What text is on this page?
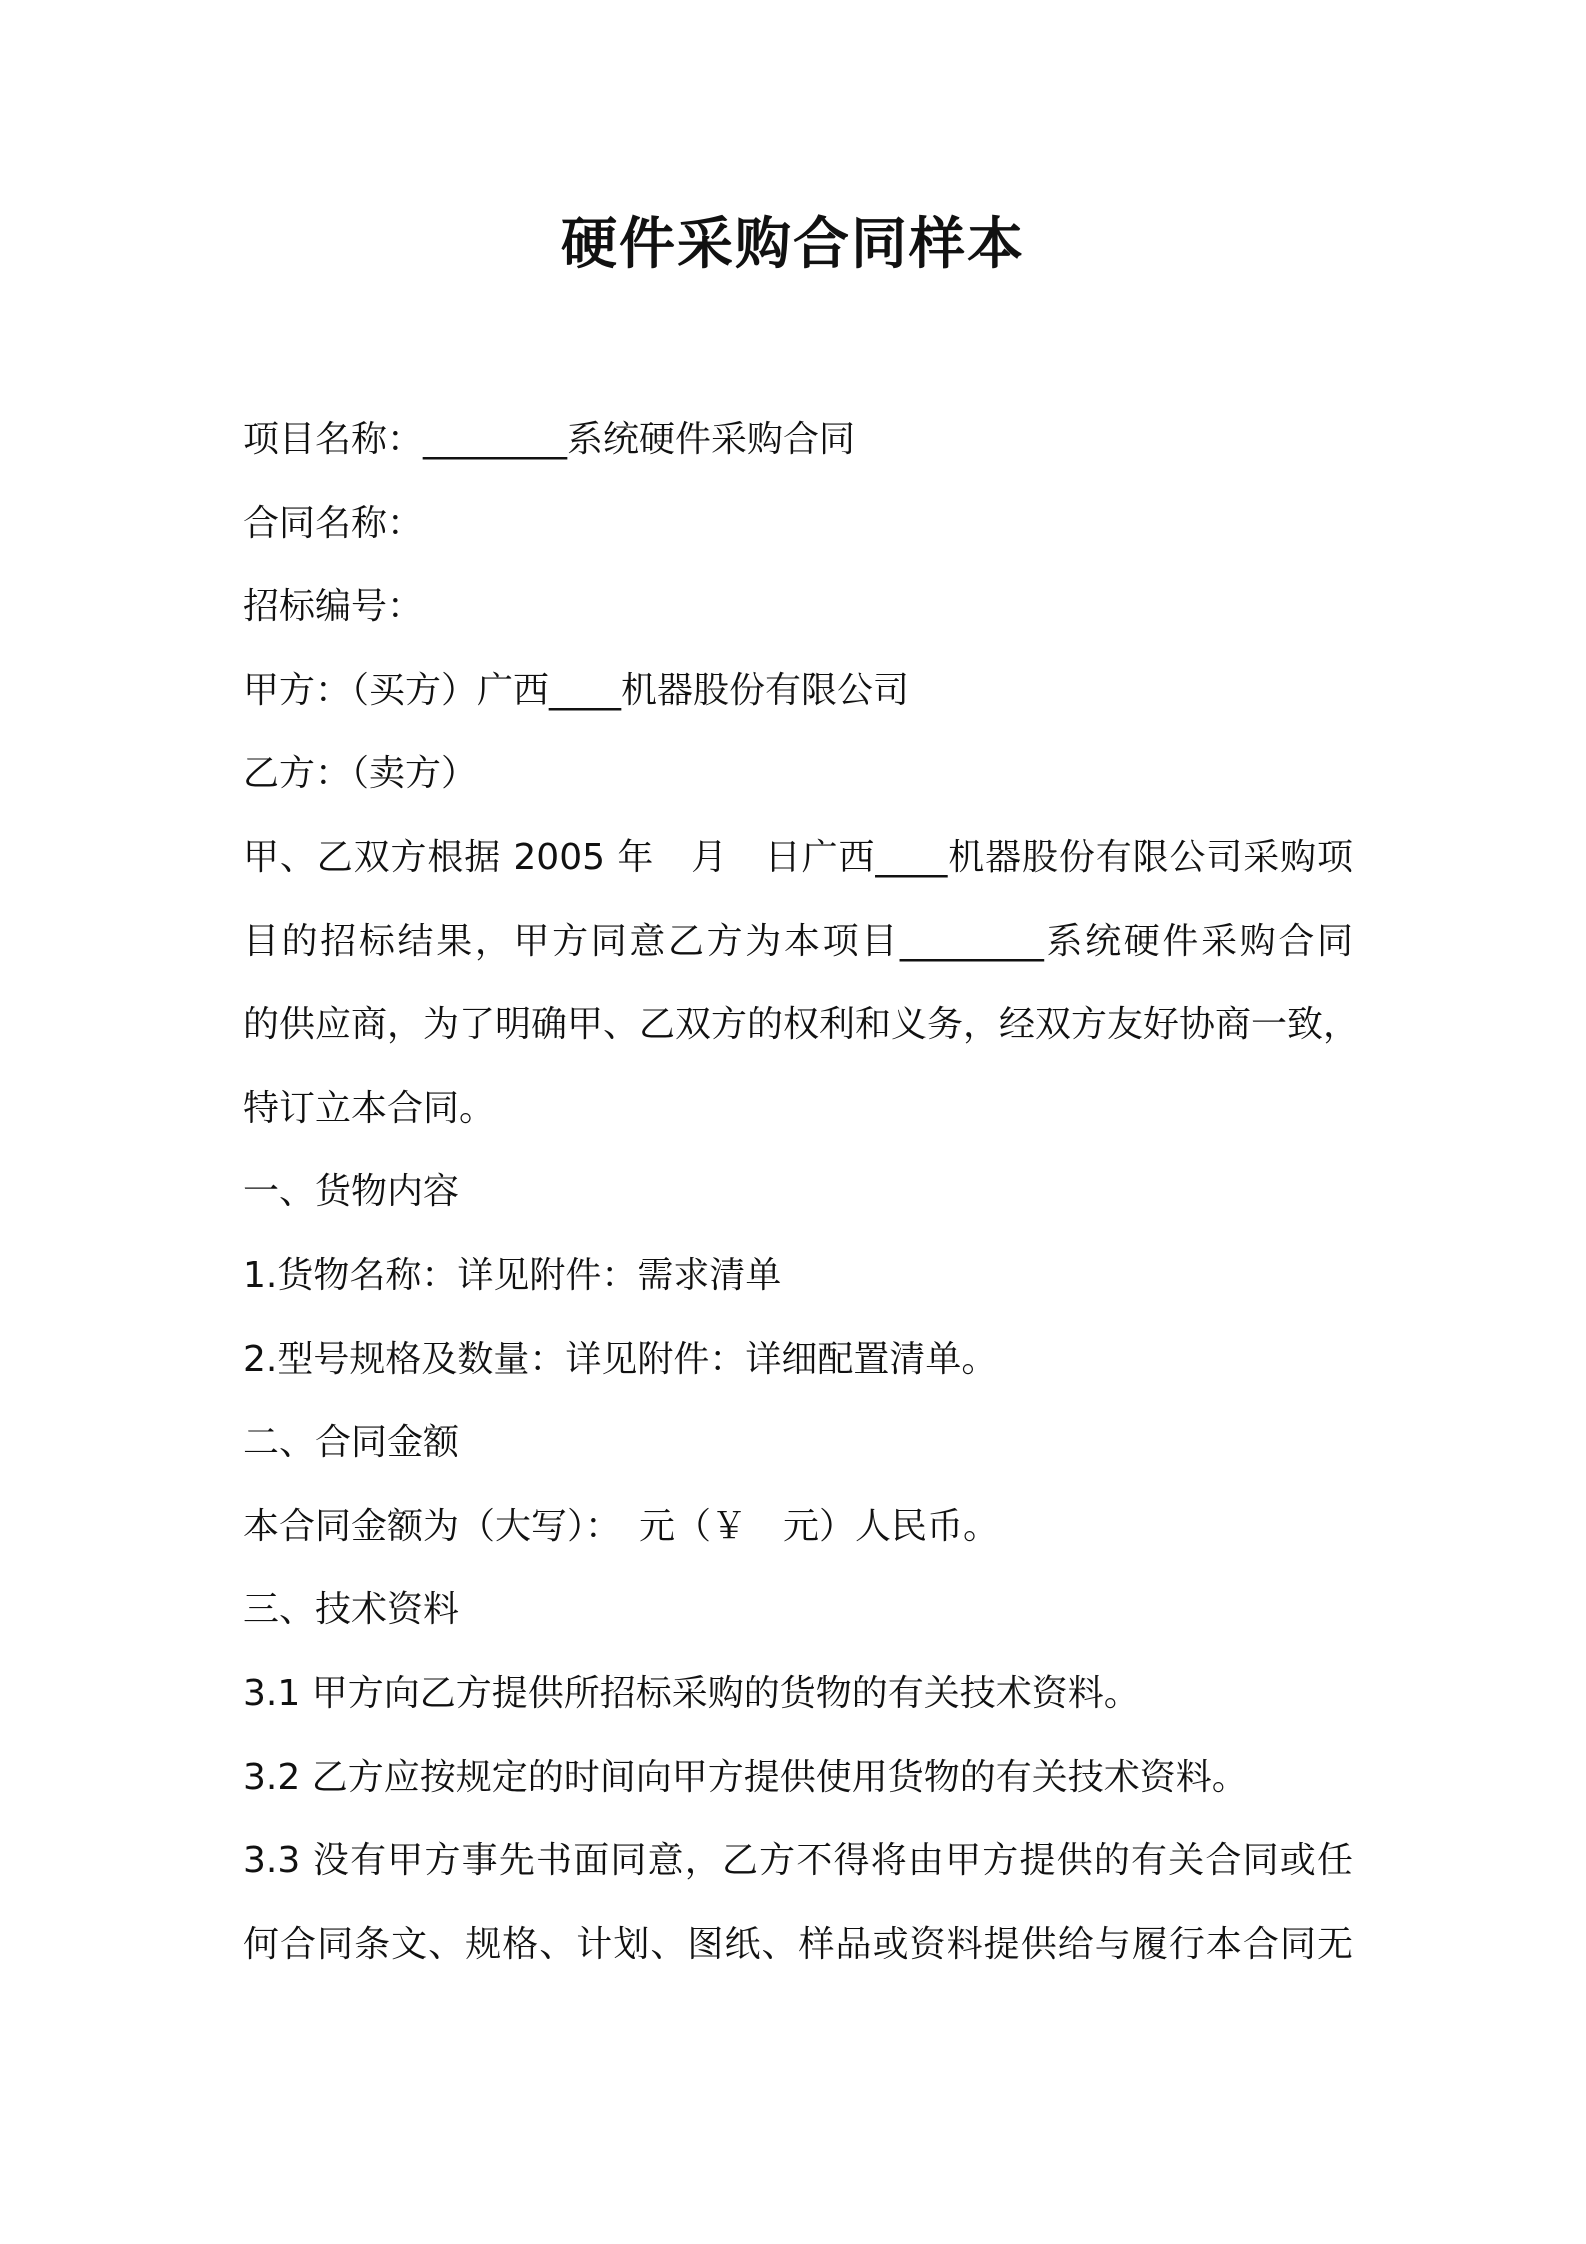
硬件采购合同样本

项目名称：________系统硬件采购合同

合同名称：

招标编号：

甲方：（买方）广西____机器股份有限公司

乙方：（卖方）

甲、乙双方根据 2005 年　月　日广西____机器股份有限公司采购项

目的招标结果，甲方同意乙方为本项目________系统硬件采购合同

的供应商，为了明确甲、乙双方的权利和义务，经双方友好协商一致，

特订立本合同。

一、货物内容

1.货物名称：详见附件：需求清单

2.型号规格及数量：详见附件：详细配置清单。

二、合同金额

本合同金额为（大写）：　元（￥　元）人民币。

三、技术资料

3.1 甲方向乙方提供所招标采购的货物的有关技术资料。

3.2 乙方应按规定的时间向甲方提供使用货物的有关技术资料。

3.3 没有甲方事先书面同意，乙方不得将由甲方提供的有关合同或任

何合同条文、规格、计划、图纸、样品或资料提供给与履行本合同无
